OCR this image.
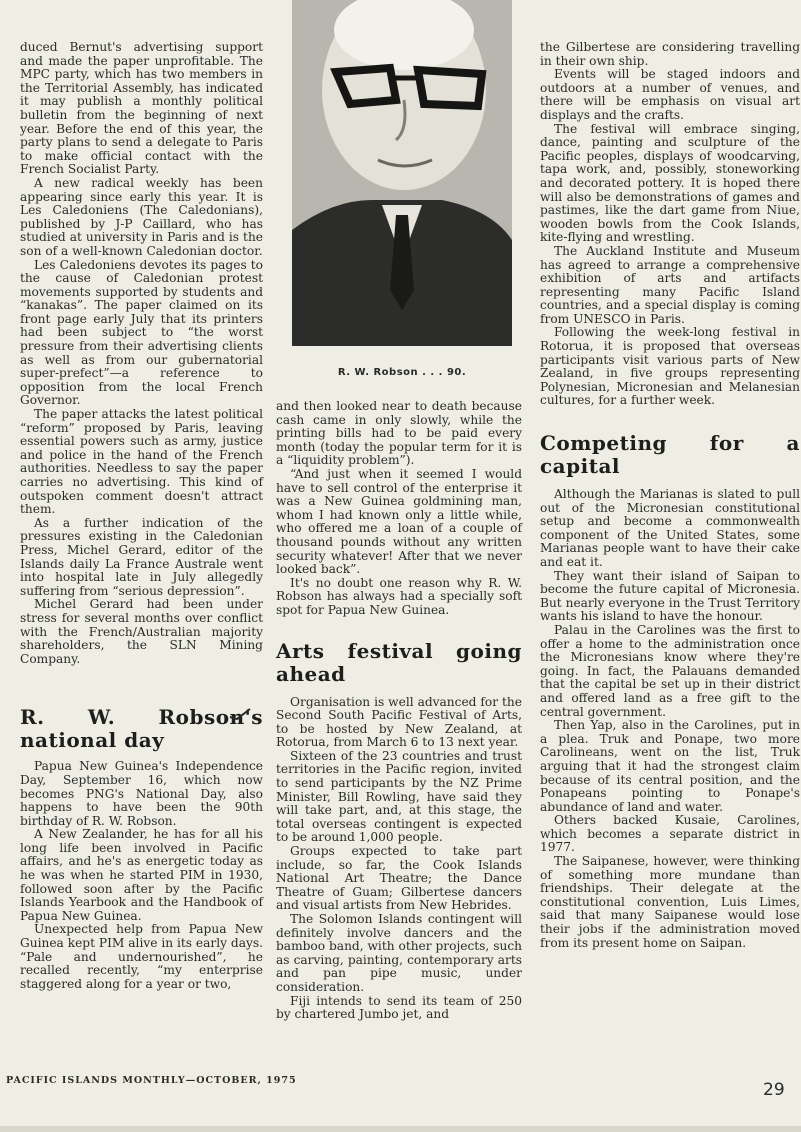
duced Bernut's advertising support and made the paper unprofitable. The MPC party, which has two members in the Territorial Assembly, has indicated it may publish a monthly political bulletin from the beginning of next year. Before the end of this year, the party plans to send a delegate to Paris to make official contact with the French Socialist Party.

A new radical weekly has been appearing since early this year. It is Les Caledoniens (The Caledonians), published by J-P Caillard, who has studied at university in Paris and is the son of a well-known Caledonian doctor.

Les Caledoniens devotes its pages to the cause of Caledonian protest movements supported by students and “kanakas”. The paper claimed on its front page early July that its printers had been subject to “the worst pressure from their advertising clients as well as from our gubernatorial super-prefect”—a reference to opposition from the local French Governor.

The paper attacks the latest political “reform” proposed by Paris, leaving essential powers such as army, justice and police in the hand of the French authorities. Needless to say the paper carries no advertising. This kind of outspoken comment doesn't attract them.

As a further indication of the pressures existing in the Caledonian Press, Michel Gerard, editor of the Islands daily La France Australe went into hospital late in July allegedly suffering from “serious depression”.

Michel Gerard had been under stress for several months over conflict with the French/Australian majority shareholders, the SLN Mining Company.

R. W. Robson's national day

Papua New Guinea's Independence Day, September 16, which now becomes PNG's National Day, also happens to have been the 90th birthday of R. W. Robson.

A New Zealander, he has for all his long life been involved in Pacific affairs, and he's as energetic today as he was when he started PIM in 1930, followed soon after by the Pacific Islands Yearbook and the Handbook of Papua New Guinea.

Unexpected help from Papua New Guinea kept PIM alive in its early days. “Pale and undernourished”, he recalled recently, “my enterprise staggered along for a year or two,

R. W. Robson . . . 90.

and then looked near to death because cash came in only slowly, while the printing bills had to be paid every month (today the popular term for it is a “liquidity problem”).

“And just when it seemed I would have to sell control of the enterprise it was a New Guinea goldmining man, whom I had known only a little while, who offered me a loan of a couple of thousand pounds without any written security whatever! After that we never looked back”.

It's no doubt one reason why R. W. Robson has always had a specially soft spot for Papua New Guinea.

Arts festival going ahead

Organisation is well advanced for the Second South Pacific Festival of Arts, to be hosted by New Zealand, at Rotorua, from March 6 to 13 next year.

Sixteen of the 23 countries and trust territories in the Pacific region, invited to send participants by the NZ Prime Minister, Bill Rowling, have said they will take part, and, at this stage, the total overseas contingent is expected to be around 1,000 people.

Groups expected to take part include, so far, the Cook Islands National Art Theatre; the Dance Theatre of Guam; Gilbertese dancers and visual artists from New Hebrides.

The Solomon Islands contingent will definitely involve dancers and the bamboo band, with other projects, such as carving, painting, contemporary arts and pan pipe music, under consideration.

Fiji intends to send its team of 250 by chartered Jumbo jet, and

the Gilbertese are considering travelling in their own ship.

Events will be staged indoors and outdoors at a number of venues, and there will be emphasis on visual art displays and the crafts.

The festival will embrace singing, dance, painting and sculpture of the Pacific peoples, displays of woodcarving, tapa work, and, possibly, stoneworking and decorated pottery. It is hoped there will also be demonstrations of games and pastimes, like the dart game from Niue, wooden bowls from the Cook Islands, kite-flying and wrestling.

The Auckland Institute and Museum has agreed to arrange a comprehensive exhibition of arts and artifacts representing many Pacific Island countries, and a special display is coming from UNESCO in Paris.

Following the week-long festival in Rotorua, it is proposed that overseas participants visit various parts of New Zealand, in five groups representing Polynesian, Micronesian and Melanesian cultures, for a further week.

Competing for a capital

Although the Marianas is slated to pull out of the Micronesian constitutional setup and become a commonwealth component of the United States, some Marianas people want to have their cake and eat it.

They want their island of Saipan to become the future capital of Micronesia. But nearly everyone in the Trust Territory wants his island to have the honour.

Palau in the Carolines was the first to offer a home to the administration once the Micronesians know where they're going. In fact, the Palauans demanded that the capital be set up in their district and offered land as a free gift to the central government.

Then Yap, also in the Carolines, put in a plea. Truk and Ponape, two more Carolineans, went on the list, Truk arguing that it had the strongest claim because of its central position, and the Ponapeans pointing to Ponape's abundance of land and water.

Others backed Kusaie, Carolines, which becomes a separate district in 1977.

The Saipanese, however, were thinking of something more mundane than friendships. Their delegate at the constitutional convention, Luis Limes, said that many Saipanese would lose their jobs if the administration moved from its present home on Saipan.

PACIFIC ISLANDS MONTHLY—OCTOBER, 1975	29
